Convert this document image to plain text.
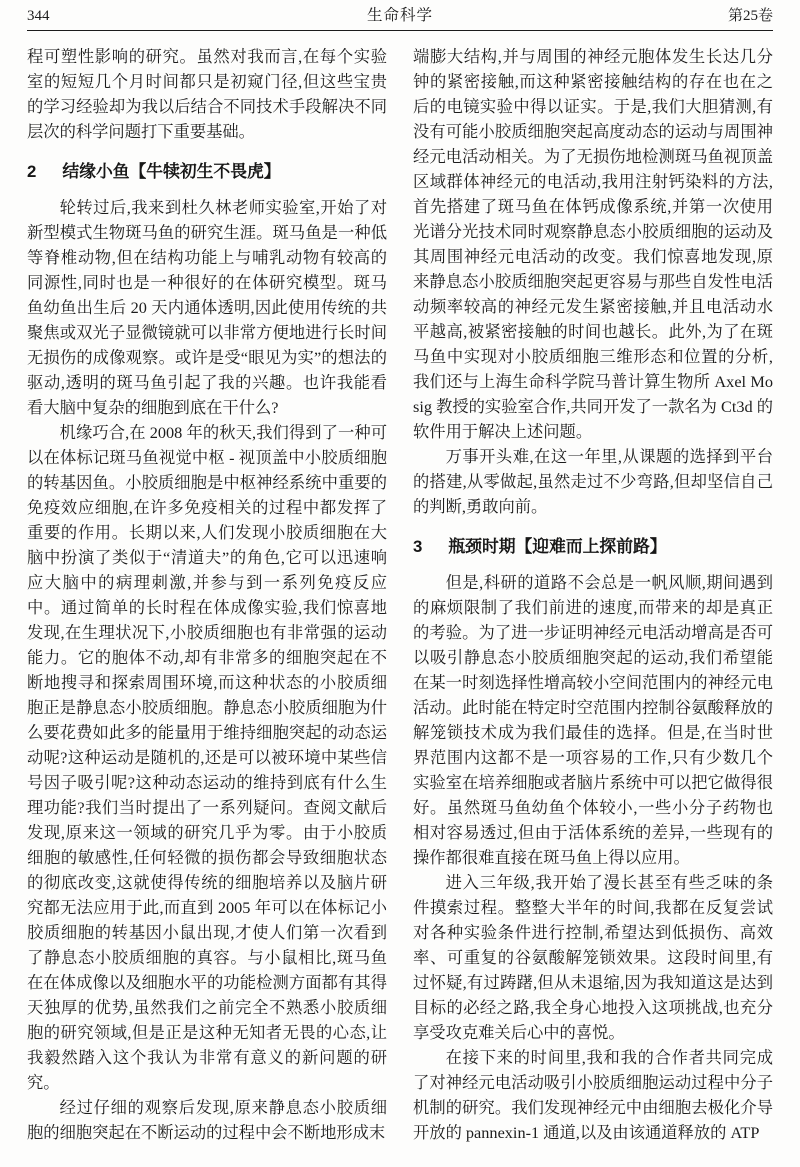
344	生命科学	第25卷

程可塑性影响的研究。虽然对我而言,在每个实验室的短短几个月时间都只是初窥门径,但这些宝贵的学习经验却为我以后结合不同技术手段解决不同层次的科学问题打下重要基础。

2 结缘小鱼【牛犊初生不畏虎】

轮转过后,我来到杜久林老师实验室,开始了对新型模式生物斑马鱼的研究生涯。斑马鱼是一种低等脊椎动物,但在结构功能上与哺乳动物有较高的同源性,同时也是一种很好的在体研究模型。斑马鱼幼鱼出生后 20 天内通体透明,因此使用传统的共聚焦或双光子显微镜就可以非常方便地进行长时间无损伤的成像观察。或许是受“眼见为实”的想法的驱动,透明的斑马鱼引起了我的兴趣。也许我能看看大脑中复杂的细胞到底在干什么?

机缘巧合,在 2008 年的秋天,我们得到了一种可以在体标记斑马鱼视觉中枢 - 视顶盖中小胶质细胞的转基因鱼。小胶质细胞是中枢神经系统中重要的免疫效应细胞,在许多免疫相关的过程中都发挥了重要的作用。长期以来,人们发现小胶质细胞在大脑中扮演了类似于“清道夫”的角色,它可以迅速响应大脑中的病理刺激,并参与到一系列免疫反应中。通过简单的长时程在体成像实验,我们惊喜地发现,在生理状况下,小胶质细胞也有非常强的运动能力。它的胞体不动,却有非常多的细胞突起在不断地搜寻和探索周围环境,而这种状态的小胶质细胞正是静息态小胶质细胞。静息态小胶质细胞为什么要花费如此多的能量用于维持细胞突起的动态运动呢?这种运动是随机的,还是可以被环境中某些信号因子吸引呢?这种动态运动的维持到底有什么生理功能?我们当时提出了一系列疑问。查阅文献后发现,原来这一领域的研究几乎为零。由于小胶质细胞的敏感性,任何轻微的损伤都会导致细胞状态的彻底改变,这就使得传统的细胞培养以及脑片研究都无法应用于此,而直到 2005 年可以在体标记小胶质细胞的转基因小鼠出现,才使人们第一次看到了静息态小胶质细胞的真容。与小鼠相比,斑马鱼在在体成像以及细胞水平的功能检测方面都有其得天独厚的优势,虽然我们之前完全不熟悉小胶质细胞的研究领域,但是正是这种无知者无畏的心态,让我毅然踏入这个我认为非常有意义的新问题的研究。

经过仔细的观察后发现,原来静息态小胶质细胞的细胞突起在不断运动的过程中会不断地形成末

端膨大结构,并与周围的神经元胞体发生长达几分钟的紧密接触,而这种紧密接触结构的存在也在之后的电镜实验中得以证实。于是,我们大胆猜测,有没有可能小胶质细胞突起高度动态的运动与周围神经元电活动相关。为了无损伤地检测斑马鱼视顶盖区域群体神经元的电活动,我用注射钙染料的方法,首先搭建了斑马鱼在体钙成像系统,并第一次使用光谱分光技术同时观察静息态小胶质细胞的运动及其周围神经元电活动的改变。我们惊喜地发现,原来静息态小胶质细胞突起更容易与那些自发性电活动频率较高的神经元发生紧密接触,并且电活动水平越高,被紧密接触的时间也越长。此外,为了在斑马鱼中实现对小胶质细胞三维形态和位置的分析,我们还与上海生命科学院马普计算生物所 Axel Mosig 教授的实验室合作,共同开发了一款名为 Ct3d 的软件用于解决上述问题。

万事开头难,在这一年里,从课题的选择到平台的搭建,从零做起,虽然走过不少弯路,但却坚信自己的判断,勇敢向前。

3 瓶颈时期【迎难而上探前路】

但是,科研的道路不会总是一帆风顺,期间遇到的麻烦限制了我们前进的速度,而带来的却是真正的考验。为了进一步证明神经元电活动增高是否可以吸引静息态小胶质细胞突起的运动,我们希望能在某一时刻选择性增高较小空间范围内的神经元电活动。此时能在特定时空范围内控制谷氨酸释放的解笼锁技术成为我们最佳的选择。但是,在当时世界范围内这都不是一项容易的工作,只有少数几个实验室在培养细胞或者脑片系统中可以把它做得很好。虽然斑马鱼幼鱼个体较小,一些小分子药物也相对容易透过,但由于活体系统的差异,一些现有的操作都很难直接在斑马鱼上得以应用。

进入三年级,我开始了漫长甚至有些乏味的条件摸索过程。整整大半年的时间,我都在反复尝试对各种实验条件进行控制,希望达到低损伤、高效率、可重复的谷氨酸解笼锁效果。这段时间里,有过怀疑,有过踌躇,但从未退缩,因为我知道这是达到目标的必经之路,我全身心地投入这项挑战,也充分享受攻克难关后心中的喜悦。

在接下来的时间里,我和我的合作者共同完成了对神经元电活动吸引小胶质细胞运动过程中分子机制的研究。我们发现神经元中由细胞去极化介导开放的 pannexin-1 通道,以及由该通道释放的 ATP
